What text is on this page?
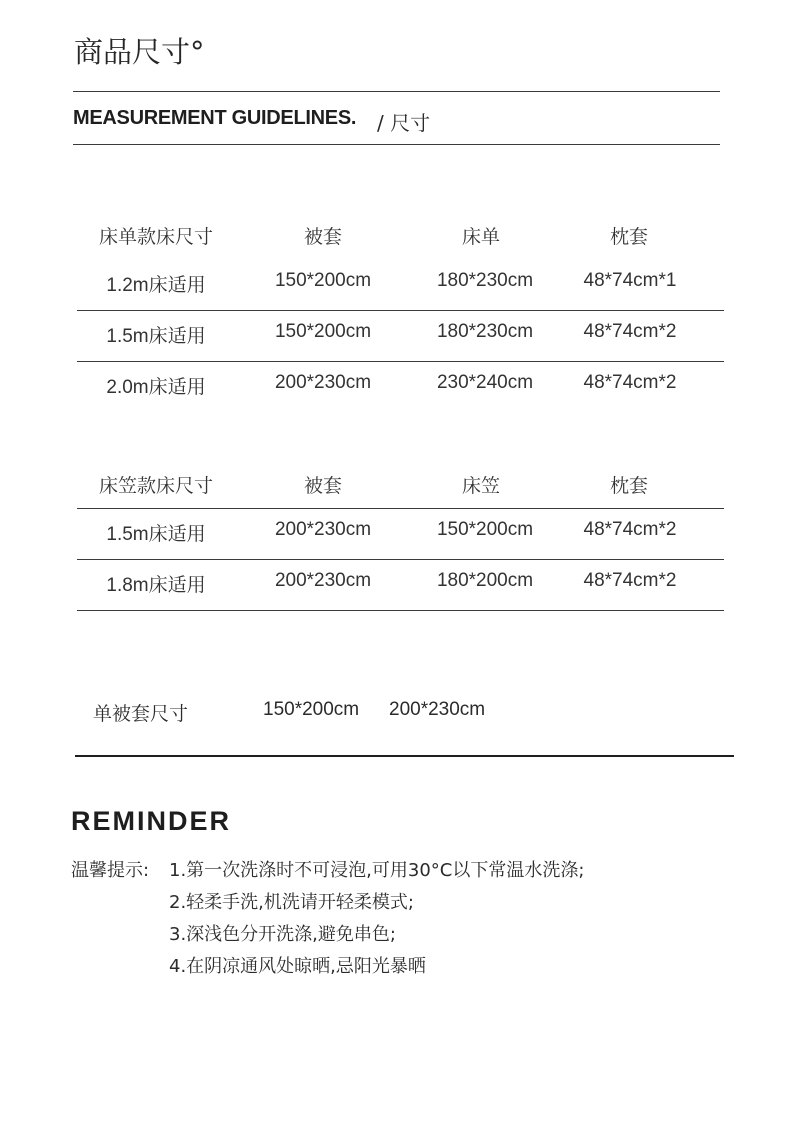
商品尺寸°
MEASUREMENT GUIDELINES. / 尺寸
床单款床尺寸	被套	床单	枕套
1.2m床适用	150*200cm	180*230cm	48*74cm*1
1.5m床适用	150*200cm	180*230cm	48*74cm*2
2.0m床适用	200*230cm	230*240cm	48*74cm*2
床笠款床尺寸	被套	床笠	枕套
1.5m床适用	200*230cm	150*200cm	48*74cm*2
1.8m床适用	200*230cm	180*200cm	48*74cm*2
单被套尺寸	150*200cm 200*230cm
REMINDER
温馨提示: 1.第一次洗涤时不可浸泡,可用30°C以下常温水洗涤;
2.轻柔手洗,机洗请开轻柔模式;
3.深浅色分开洗涤,避免串色;
4.在阴凉通风处晾晒,忌阳光暴晒
